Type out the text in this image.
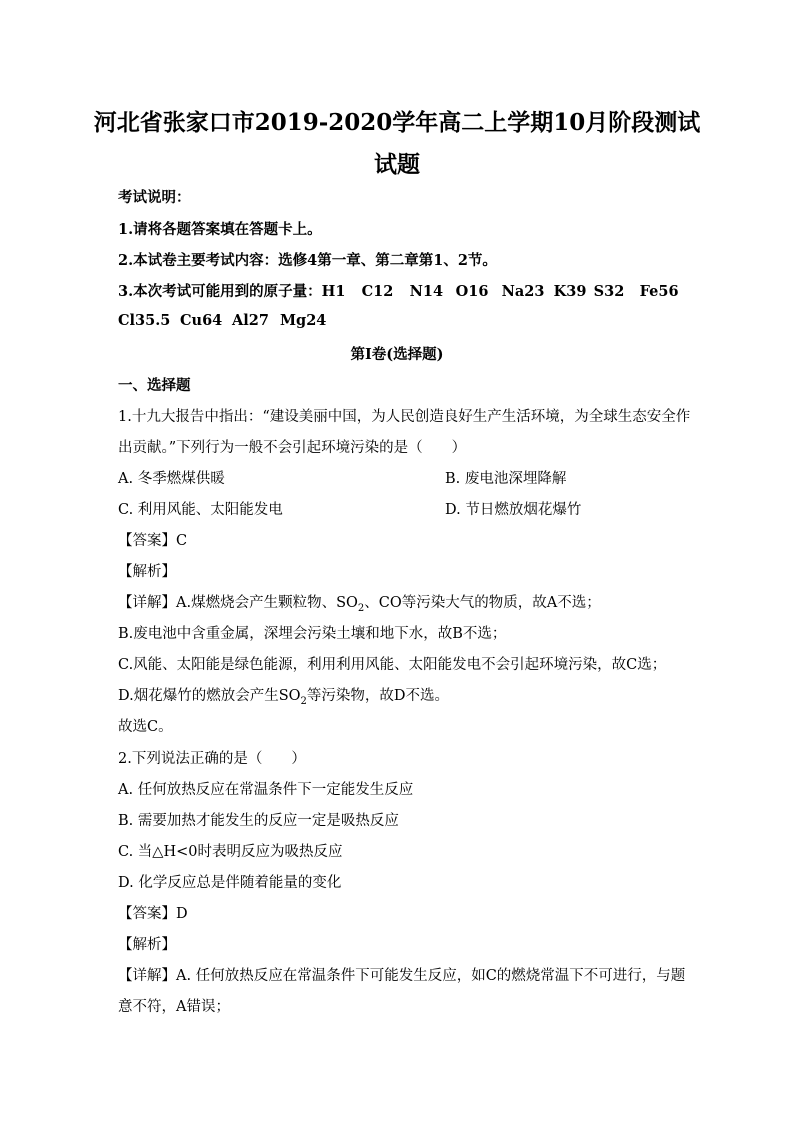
河北省张家口市2019-2020学年高二上学期10月阶段测试
试题
考试说明：
1.请将各题答案填在答题卡上。
2.本试卷主要考试内容：选修4第一章、第二章第1、2节。
3.本次考试可能用到的原子量：H1 C12 N14 O16 Na23 K39 S32 Fe56
Cl35.5 Cu64 Al27 Mg24
第I卷(选择题)
一、选择题
1.十九大报告中指出：“建设美丽中国，为人民创造良好生产生活环境，为全球生态安全作
出贡献。”下列行为一般不会引起环境污染的是（　　）
A. 冬季燃煤供暖	B. 废电池深埋降解
C. 利用风能、太阳能发电	D. 节日燃放烟花爆竹
【答案】C
【解析】
【详解】A.煤燃烧会产生颗粒物、$SO_2$、CO等污染大气的物质，故A不选；
B.废电池中含重金属，深埋会污染土壤和地下水，故B不选；
C.风能、太阳能是绿色能源，利用利用风能、太阳能发电不会引起环境污染，故C选；
D.烟花爆竹的燃放会产生$SO_2$等污染物，故D不选。
故选C。
2.下列说法正确的是（　　）
A. 任何放热反应在常温条件下一定能发生反应
B. 需要加热才能发生的反应一定是吸热反应
C. 当△H<0时表明反应为吸热反应
D. 化学反应总是伴随着能量的变化
【答案】D
【解析】
【详解】A. 任何放热反应在常温条件下可能发生反应，如C的燃烧常温下不可进行，与题
意不符，A错误；
